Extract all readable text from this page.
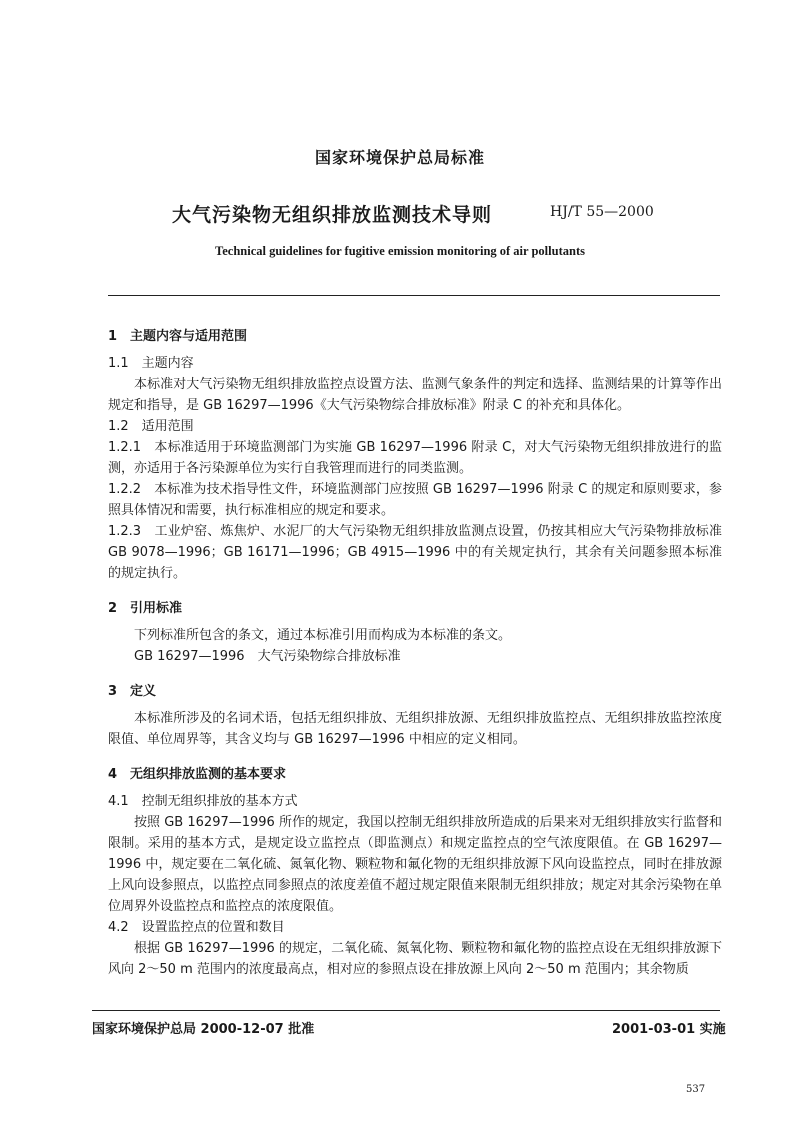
国家环境保护总局标准
大气污染物无组织排放监测技术导则	HJ/T 55—2000
Technical guidelines for fugitive emission monitoring of air pollutants
1　主题内容与适用范围
1.1　主题内容
本标准对大气污染物无组织排放监控点设置方法、监测气象条件的判定和选择、监测结果的计算等作出规定和指导，是 GB 16297—1996《大气污染物综合排放标准》附录 C 的补充和具体化。
1.2　适用范围
1.2.1　本标准适用于环境监测部门为实施 GB 16297—1996 附录 C，对大气污染物无组织排放进行的监测，亦适用于各污染源单位为实行自我管理而进行的同类监测。
1.2.2　本标准为技术指导性文件，环境监测部门应按照 GB 16297—1996 附录 C 的规定和原则要求，参照具体情况和需要，执行标准相应的规定和要求。
1.2.3　工业炉窑、炼焦炉、水泥厂的大气污染物无组织排放监测点设置，仍按其相应大气污染物排放标准 GB 9078—1996；GB 16171—1996；GB 4915—1996 中的有关规定执行，其余有关问题参照本标准的规定执行。
2　引用标准
下列标准所包含的条文，通过本标准引用而构成为本标准的条文。
GB 16297—1996　大气污染物综合排放标准
3　定义
本标准所涉及的名词术语，包括无组织排放、无组织排放源、无组织排放监控点、无组织排放监控浓度限值、单位周界等，其含义均与 GB 16297—1996 中相应的定义相同。
4　无组织排放监测的基本要求
4.1　控制无组织排放的基本方式
按照 GB 16297—1996 所作的规定，我国以控制无组织排放所造成的后果来对无组织排放实行监督和限制。采用的基本方式，是规定设立监控点（即监测点）和规定监控点的空气浓度限值。在 GB 16297—1996 中，规定要在二氧化硫、氮氧化物、颗粒物和氟化物的无组织排放源下风向设监控点，同时在排放源上风向设参照点，以监控点同参照点的浓度差值不超过规定限值来限制无组织排放；规定对其余污染物在单位周界外设监控点和监控点的浓度限值。
4.2　设置监控点的位置和数目
根据 GB 16297—1996 的规定，二氧化硫、氮氧化物、颗粒物和氟化物的监控点设在无组织排放源下风向 2～50 m 范围内的浓度最高点，相对应的参照点设在排放源上风向 2～50 m 范围内；其余物质
国家环境保护总局 2000-12-07 批准	2001-03-01 实施
537
